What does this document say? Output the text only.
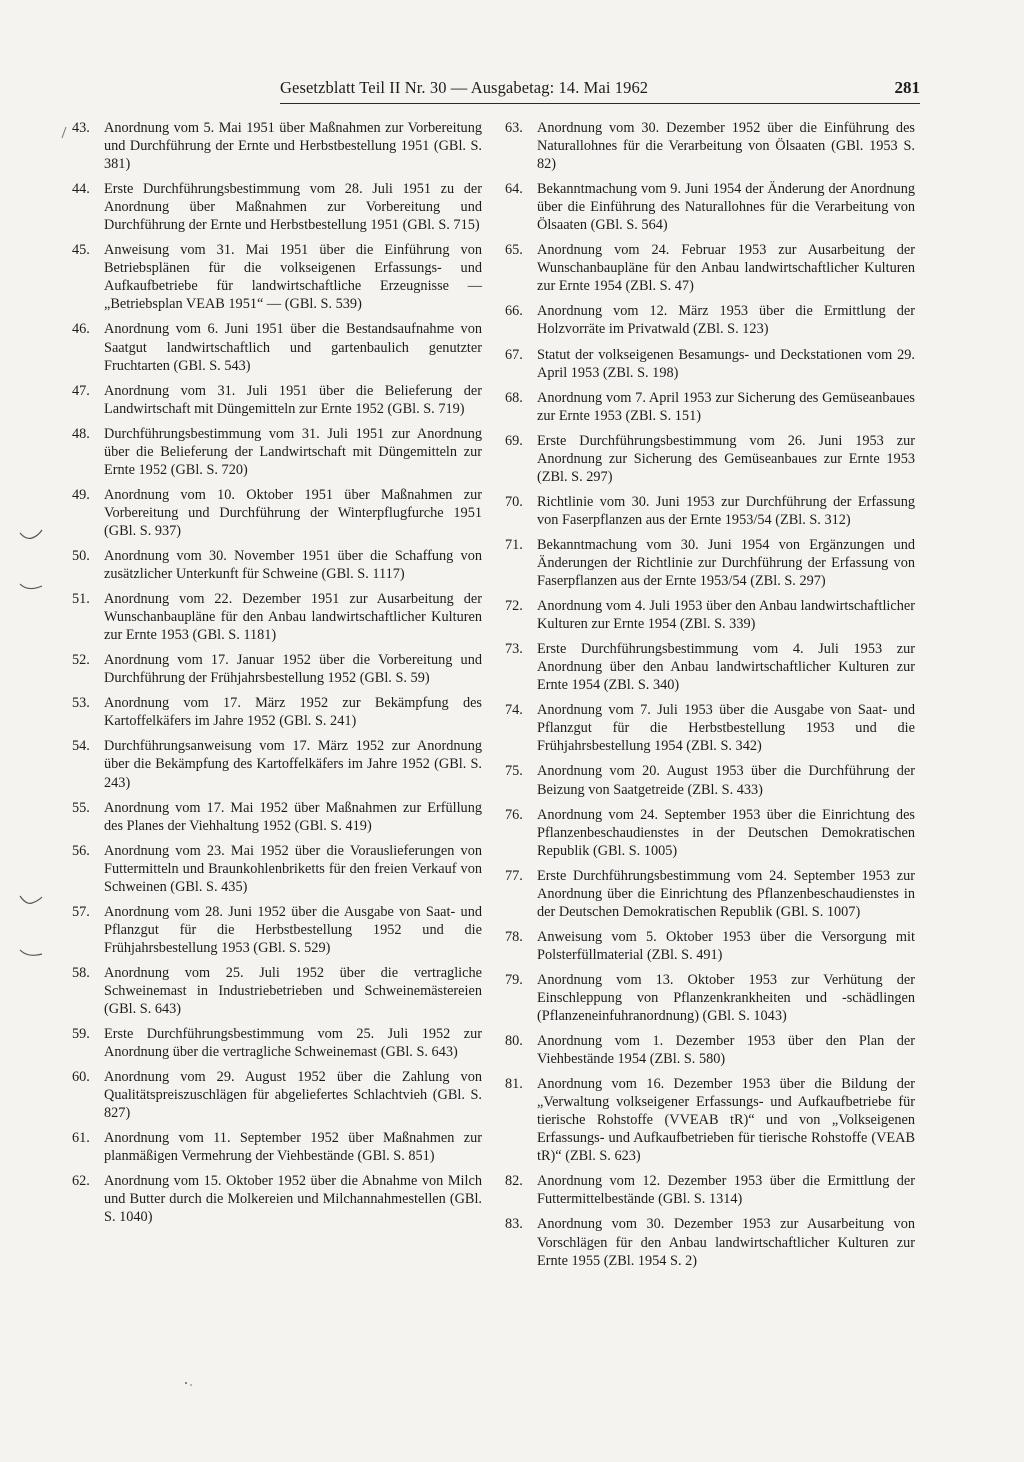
Gesetzblatt Teil II Nr. 30 — Ausgabetag: 14. Mai 1962	281
43. Anordnung vom 5. Mai 1951 über Maßnahmen zur Vorbereitung und Durchführung der Ernte und Herbstbestellung 1951 (GBl. S. 381)
44. Erste Durchführungsbestimmung vom 28. Juli 1951 zu der Anordnung über Maßnahmen zur Vorbereitung und Durchführung der Ernte und Herbstbestellung 1951 (GBl. S. 715)
45. Anweisung vom 31. Mai 1951 über die Einführung von Betriebsplänen für die volkseigenen Erfassungs- und Aufkaufbetriebe für landwirtschaftliche Erzeugnisse — „Betriebsplan VEAB 1951“ — (GBl. S. 539)
46. Anordnung vom 6. Juni 1951 über die Bestandsaufnahme von Saatgut landwirtschaftlich und gartenbaulich genutzter Fruchtarten (GBl. S. 543)
47. Anordnung vom 31. Juli 1951 über die Belieferung der Landwirtschaft mit Düngemitteln zur Ernte 1952 (GBl. S. 719)
48. Durchführungsbestimmung vom 31. Juli 1951 zur Anordnung über die Belieferung der Landwirtschaft mit Düngemitteln zur Ernte 1952 (GBl. S. 720)
49. Anordnung vom 10. Oktober 1951 über Maßnahmen zur Vorbereitung und Durchführung der Winterpflugfurche 1951 (GBl. S. 937)
50. Anordnung vom 30. November 1951 über die Schaffung von zusätzlicher Unterkunft für Schweine (GBl. S. 1117)
51. Anordnung vom 22. Dezember 1951 zur Ausarbeitung der Wunschanbaupläne für den Anbau landwirtschaftlicher Kulturen zur Ernte 1953 (GBl. S. 1181)
52. Anordnung vom 17. Januar 1952 über die Vorbereitung und Durchführung der Frühjahrsbestellung 1952 (GBl. S. 59)
53. Anordnung vom 17. März 1952 zur Bekämpfung des Kartoffelkäfers im Jahre 1952 (GBl. S. 241)
54. Durchführungsanweisung vom 17. März 1952 zur Anordnung über die Bekämpfung des Kartoffelkäfers im Jahre 1952 (GBl. S. 243)
55. Anordnung vom 17. Mai 1952 über Maßnahmen zur Erfüllung des Planes der Viehhaltung 1952 (GBl. S. 419)
56. Anordnung vom 23. Mai 1952 über die Vorauslieferungen von Futtermitteln und Braunkohlenbriketts für den freien Verkauf von Schweinen (GBl. S. 435)
57. Anordnung vom 28. Juni 1952 über die Ausgabe von Saat- und Pflanzgut für die Herbstbestellung 1952 und die Frühjahrsbestellung 1953 (GBl. S. 529)
58. Anordnung vom 25. Juli 1952 über die vertragliche Schweinemast in Industriebetrieben und Schweinemästereien (GBl. S. 643)
59. Erste Durchführungsbestimmung vom 25. Juli 1952 zur Anordnung über die vertragliche Schweinemast (GBl. S. 643)
60. Anordnung vom 29. August 1952 über die Zahlung von Qualitätspreiszuschlägen für abgeliefertes Schlachtvieh (GBl. S. 827)
61. Anordnung vom 11. September 1952 über Maßnahmen zur planmäßigen Vermehrung der Viehbestände (GBl. S. 851)
62. Anordnung vom 15. Oktober 1952 über die Abnahme von Milch und Butter durch die Molkereien und Milchannahmestellen (GBl. S. 1040)
63. Anordnung vom 30. Dezember 1952 über die Einführung des Naturallohnes für die Verarbeitung von Ölsaaten (GBl. 1953 S. 82)
64. Bekanntmachung vom 9. Juni 1954 der Änderung der Anordnung über die Einführung des Naturallohnes für die Verarbeitung von Ölsaaten (GBl. S. 564)
65. Anordnung vom 24. Februar 1953 zur Ausarbeitung der Wunschanbaupläne für den Anbau landwirtschaftlicher Kulturen zur Ernte 1954 (ZBl. S. 47)
66. Anordnung vom 12. März 1953 über die Ermittlung der Holzvorräte im Privatwald (ZBl. S. 123)
67. Statut der volkseigenen Besamungs- und Deckstationen vom 29. April 1953 (ZBl. S. 198)
68. Anordnung vom 7. April 1953 zur Sicherung des Gemüseanbaues zur Ernte 1953 (ZBl. S. 151)
69. Erste Durchführungsbestimmung vom 26. Juni 1953 zur Anordnung zur Sicherung des Gemüseanbaues zur Ernte 1953 (ZBl. S. 297)
70. Richtlinie vom 30. Juni 1953 zur Durchführung der Erfassung von Faserpflanzen aus der Ernte 1953/54 (ZBl. S. 312)
71. Bekanntmachung vom 30. Juni 1954 von Ergänzungen und Änderungen der Richtlinie zur Durchführung der Erfassung von Faserpflanzen aus der Ernte 1953/54 (ZBl. S. 297)
72. Anordnung vom 4. Juli 1953 über den Anbau landwirtschaftlicher Kulturen zur Ernte 1954 (ZBl. S. 339)
73. Erste Durchführungsbestimmung vom 4. Juli 1953 zur Anordnung über den Anbau landwirtschaftlicher Kulturen zur Ernte 1954 (ZBl. S. 340)
74. Anordnung vom 7. Juli 1953 über die Ausgabe von Saat- und Pflanzgut für die Herbstbestellung 1953 und die Frühjahrsbestellung 1954 (ZBl. S. 342)
75. Anordnung vom 20. August 1953 über die Durchführung der Beizung von Saatgetreide (ZBl. S. 433)
76. Anordnung vom 24. September 1953 über die Einrichtung des Pflanzenbeschaudienstes in der Deutschen Demokratischen Republik (GBl. S. 1005)
77. Erste Durchführungsbestimmung vom 24. September 1953 zur Anordnung über die Einrichtung des Pflanzenbeschaudienstes in der Deutschen Demokratischen Republik (GBl. S. 1007)
78. Anweisung vom 5. Oktober 1953 über die Versorgung mit Polsterfüllmaterial (ZBl. S. 491)
79. Anordnung vom 13. Oktober 1953 zur Verhütung der Einschleppung von Pflanzenkrankheiten und -schädlingen (Pflanzeneinfuhranordnung) (GBl. S. 1043)
80. Anordnung vom 1. Dezember 1953 über den Plan der Viehbestände 1954 (ZBl. S. 580)
81. Anordnung vom 16. Dezember 1953 über die Bildung der „Verwaltung volkseigener Erfassungs- und Aufkaufbetriebe für tierische Rohstoffe (VVEAB tR)“ und von „Volkseigenen Erfassungs- und Aufkaufbetrieben für tierische Rohstoffe (VEAB tR)“ (ZBl. S. 623)
82. Anordnung vom 12. Dezember 1953 über die Ermittlung der Futtermittelbestände (GBl. S. 1314)
83. Anordnung vom 30. Dezember 1953 zur Ausarbeitung von Vorschlägen für den Anbau landwirtschaftlicher Kulturen zur Ernte 1955 (ZBl. 1954 S. 2)
